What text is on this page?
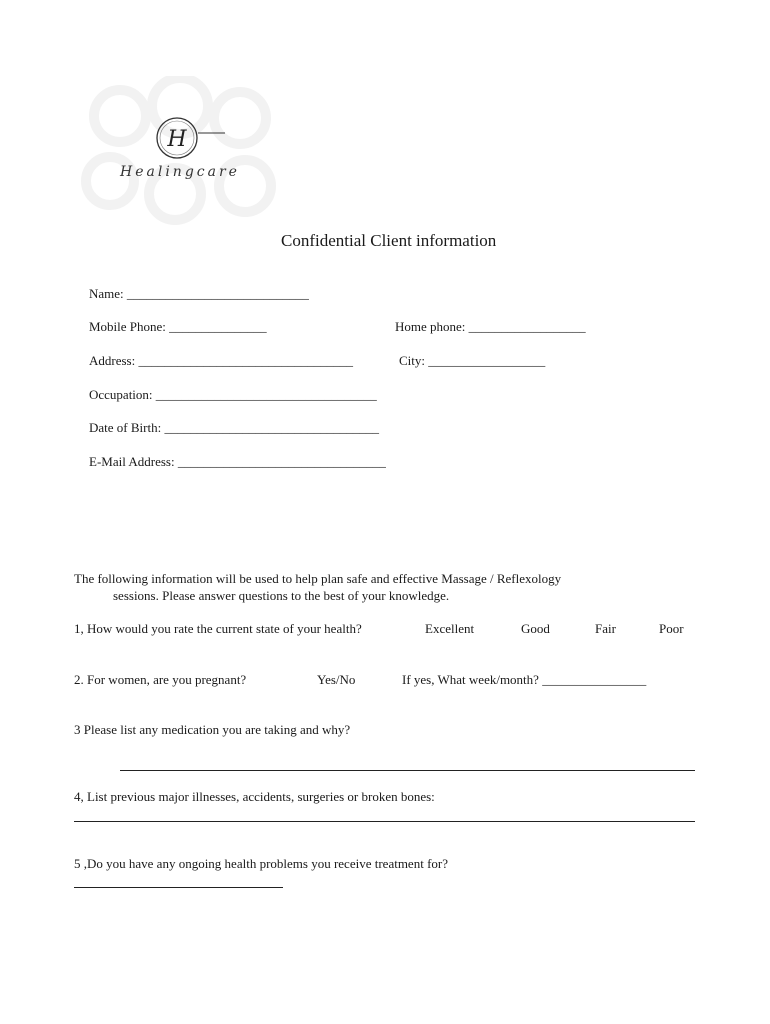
H
Healingcare
Confidential Client information
Name: ____________________________
Mobile Phone: _______________	Home phone: __________________
Address: _________________________________	City: __________________
Occupation: __________________________________
Date of Birth: _________________________________
E-Mail Address: ________________________________
The following information will be used to help plan safe and effective Massage / Reflexology
sessions. Please answer questions to the best of your knowledge.
1, How would you rate the current state of your health?	Excellent	Good	Fair	Poor
2. For women, are you pregnant?	Yes/No	If yes, What week/month? ________________
3 Please list any medication you are taking and why?
4, List previous major illnesses, accidents, surgeries or broken bones:
5 ,Do you have any ongoing health problems you receive treatment for?
